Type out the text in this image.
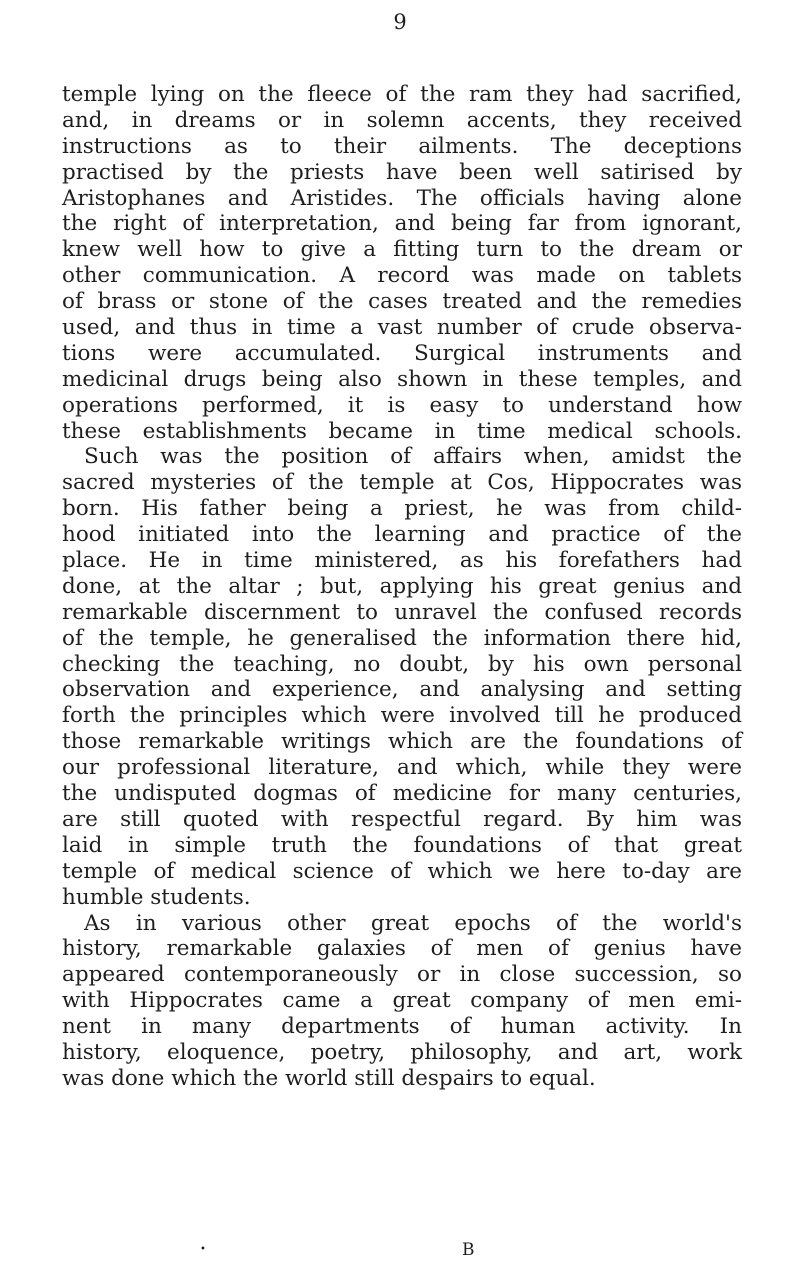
9
temple lying on the fleece of the ram they had sacrified,
and, in dreams or in solemn accents, they received
instructions as to their ailments. The deceptions
practised by the priests have been well satirised by
Aristophanes and Aristides. The officials having alone
the right of interpretation, and being far from ignorant,
knew well how to give a fitting turn to the dream or
other communication. A record was made on tablets
of brass or stone of the cases treated and the remedies
used, and thus in time a vast number of crude observa-
tions were accumulated. Surgical instruments and
medicinal drugs being also shown in these temples, and
operations performed, it is easy to understand how
these establishments became in time medical schools.
Such was the position of affairs when, amidst the
sacred mysteries of the temple at Cos, Hippocrates was
born. His father being a priest, he was from child-
hood initiated into the learning and practice of the
place. He in time ministered, as his forefathers had
done, at the altar ; but, applying his great genius and
remarkable discernment to unravel the confused records
of the temple, he generalised the information there hid,
checking the teaching, no doubt, by his own personal
observation and experience, and analysing and setting
forth the principles which were involved till he produced
those remarkable writings which are the foundations of
our professional literature, and which, while they were
the undisputed dogmas of medicine for many centuries,
are still quoted with respectful regard. By him was
laid in simple truth the foundations of that great
temple of medical science of which we here to-day are
humble students.
As in various other great epochs of the world's
history, remarkable galaxies of men of genius have
appeared contemporaneously or in close succession, so
with Hippocrates came a great company of men emi-
nent in many departments of human activity. In
history, eloquence, poetry, philosophy, and art, work
was done which the world still despairs to equal.
•	B
